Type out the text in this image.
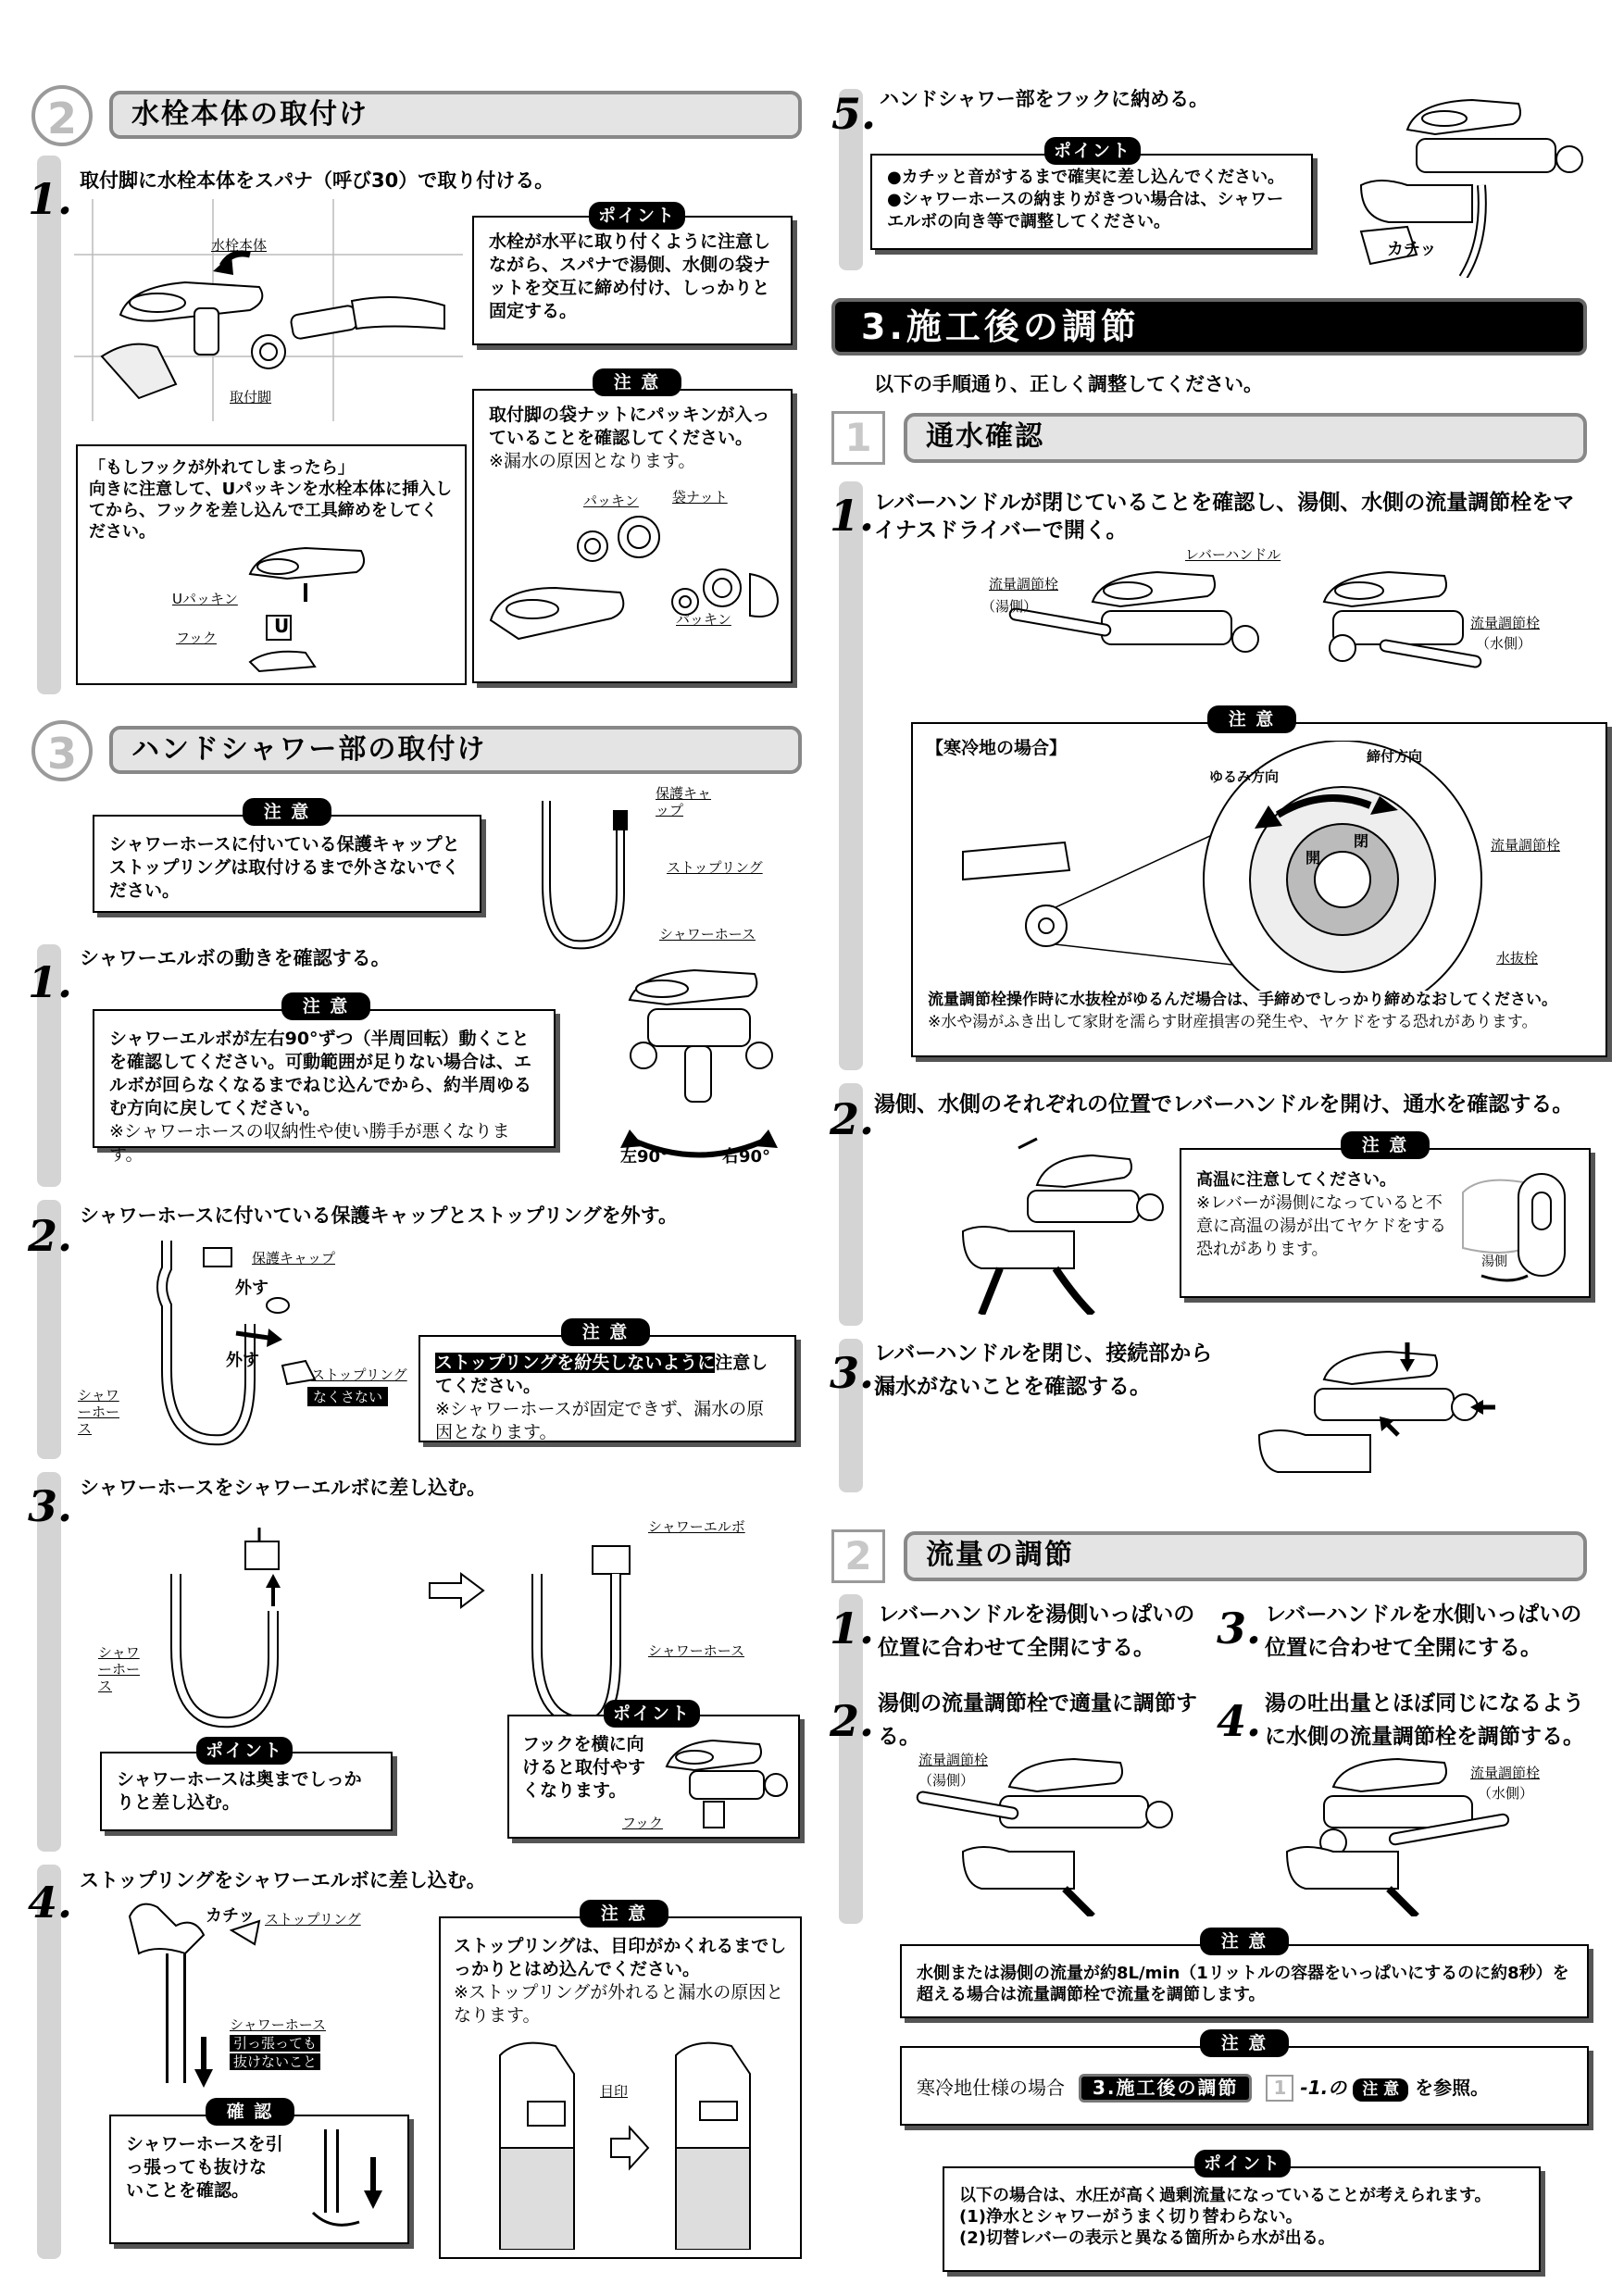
2	水栓本体の取付け
1. 取付脚に水栓本体をスパナ（呼び30）で取り付ける。
水栓本体
取付脚
水栓が水平に取り付くように注意しながら、スパナで湯側、水側の袋ナットを交互に締め付け、しっかりと固定する。
ポイント
取付脚の袋ナットにパッキンが入っていることを確認してください。
※漏水の原因となります。
注 意
パッキン 袋ナット
パッキン
「もしフックが外れてしまったら」
向きに注意して、Uパッキンを水栓本体に挿入してから、フックを差し込んで工具締めをしてください。
Uパッキン
U
フック
3	ハンドシャワー部の取付け
シャワーホースに付いている保護キャップとストップリングは取付けるまで外さないでください。
注 意
保護キャップ
ストップリング
シャワーホース
1. シャワーエルボの動きを確認する。
シャワーエルボが左右90°ずつ（半周回転）動くことを確認してください。可動範囲が足りない場合は、エルボが回らなくなるまでねじ込んでから、約半周ゆるむ方向に戻してください。
※シャワーホースの収納性や使い勝手が悪くなります。
注 意
左90°	右90°
2. シャワーホースに付いている保護キャップとストップリングを外す。
外す
保護キャップ
外す
ストップリング
なくさない
シャワーホース
ストップリングを紛失しないように注意してください。
※シャワーホースが固定できず、漏水の原因となります。
注 意
3. シャワーホースをシャワーエルボに差し込む。
シャワーホース
シャワーエルボ
シャワーホース
シャワーホースは奥までしっかりと差し込む。
ポイント	フックを横に向けると取付やすくなります。
ポイント
フック
4. ストップリングをシャワーエルボに差し込む。
カチッ ストップリング
シャワーホース
引っ張っても
抜けないこと
シャワーホースを引っ張っても抜けないことを確認。
確 認
ストップリングは、目印がかくれるまでしっかりとはめ込んでください。
※ストップリングが外れると漏水の原因となります。
注 意
目印
5. ハンドシャワー部をフックに納める。
●カチッと音がするまで確実に差し込んでください。
●シャワーホースの納まりがきつい場合は、シャワーエルボの向き等で調整してください。
ポイント
カチッ
3.施工後の調節
以下の手順通り、正しく調整してください。
1	通水確認
1. レバーハンドルが閉じていることを確認し、湯側、水側の流量調節栓をマイナスドライバーで開く。
流量調節栓
（湯側）
レバーハンドル
流量調節栓
（水側）
【寒冷地の場合】
流量調節栓操作時に水抜栓がゆるんだ場合は、手締めでしっかり締めなおしてください。
※水や湯がふき出して家財を濡らす財産損害の発生や、ヤケドをする恐れがあります。
注 意
ゆるみ方向
締付方向
開
閉	流量調節栓
水抜栓
2. 湯側、水側のそれぞれの位置でレバーハンドルを開け、通水を確認する。
高温に注意してください。
※レバーが湯側になっていると不意に高温の湯が出てヤケドをする恐れがあります。
注 意
湯側
3. レバーハンドルを閉じ、接続部から漏水がないことを確認する。
2	流量の調節
1. レバーハンドルを湯側いっぱいの位置に合わせて全開にする。	3. レバーハンドルを水側いっぱいの位置に合わせて全開にする。
2. 湯側の流量調節栓で適量に調節する。	4. 湯の吐出量とほぼ同じになるように水側の流量調節栓を調節する。
流量調節栓
（湯側）	流量調節栓
（水側）
水側または湯側の流量が約8L/min（1リットルの容器をいっぱいにするのに約8秒）を超える場合は流量調節栓で流量を調節します。
注 意
寒冷地仕様の場合 3.施工後の調節 1 -1.の 注 意 を参照。
注 意
以下の場合は、水圧が高く過剰流量になっていることが考えられます。
(1)浄水とシャワーがうまく切り替わらない。
(2)切替レバーの表示と異なる箇所から水が出る。
ポイント
